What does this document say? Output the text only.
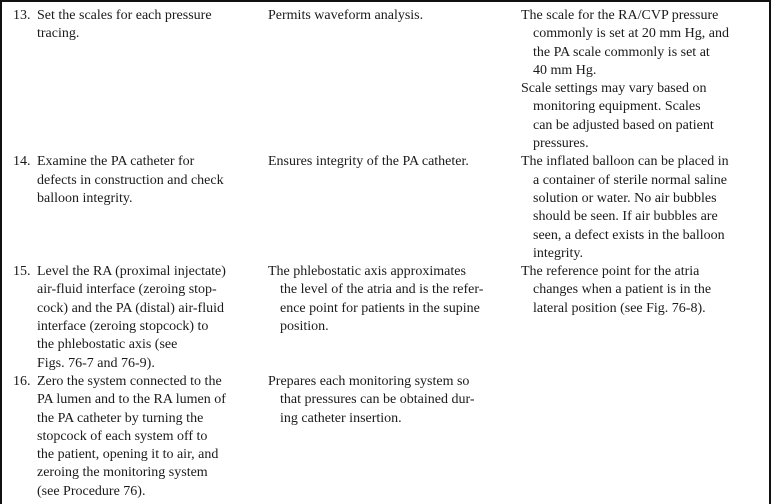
13. Set the scales for each pressure
tracing.
Permits waveform analysis.	The scale for the RA/CVP pressure
commonly is set at 20 mm Hg, and
the PA scale commonly is set at
40 mm Hg.
Scale settings may vary based on
monitoring equipment. Scales
can be adjusted based on patient
pressures.
14. Examine the PA catheter for
defects in construction and check
balloon integrity.
Ensures integrity of the PA catheter.	The inflated balloon can be placed in
a container of sterile normal saline
solution or water. No air bubbles
should be seen. If air bubbles are
seen, a defect exists in the balloon
integrity.
15. Level the RA (proximal injectate)
air-fluid interface (zeroing stop-
cock) and the PA (distal) air-fluid
interface (zeroing stopcock) to
the phlebostatic axis (see
Figs. 76-7 and 76-9).
The phlebostatic axis approximates
the level of the atria and is the refer-
ence point for patients in the supine
position.
The reference point for the atria
changes when a patient is in the
lateral position (see Fig. 76-8).
16. Zero the system connected to the
PA lumen and to the RA lumen of
the PA catheter by turning the
stopcock of each system off to
the patient, opening it to air, and
zeroing the monitoring system
(see Procedure 76).
Prepares each monitoring system so
that pressures can be obtained dur-
ing catheter insertion.
